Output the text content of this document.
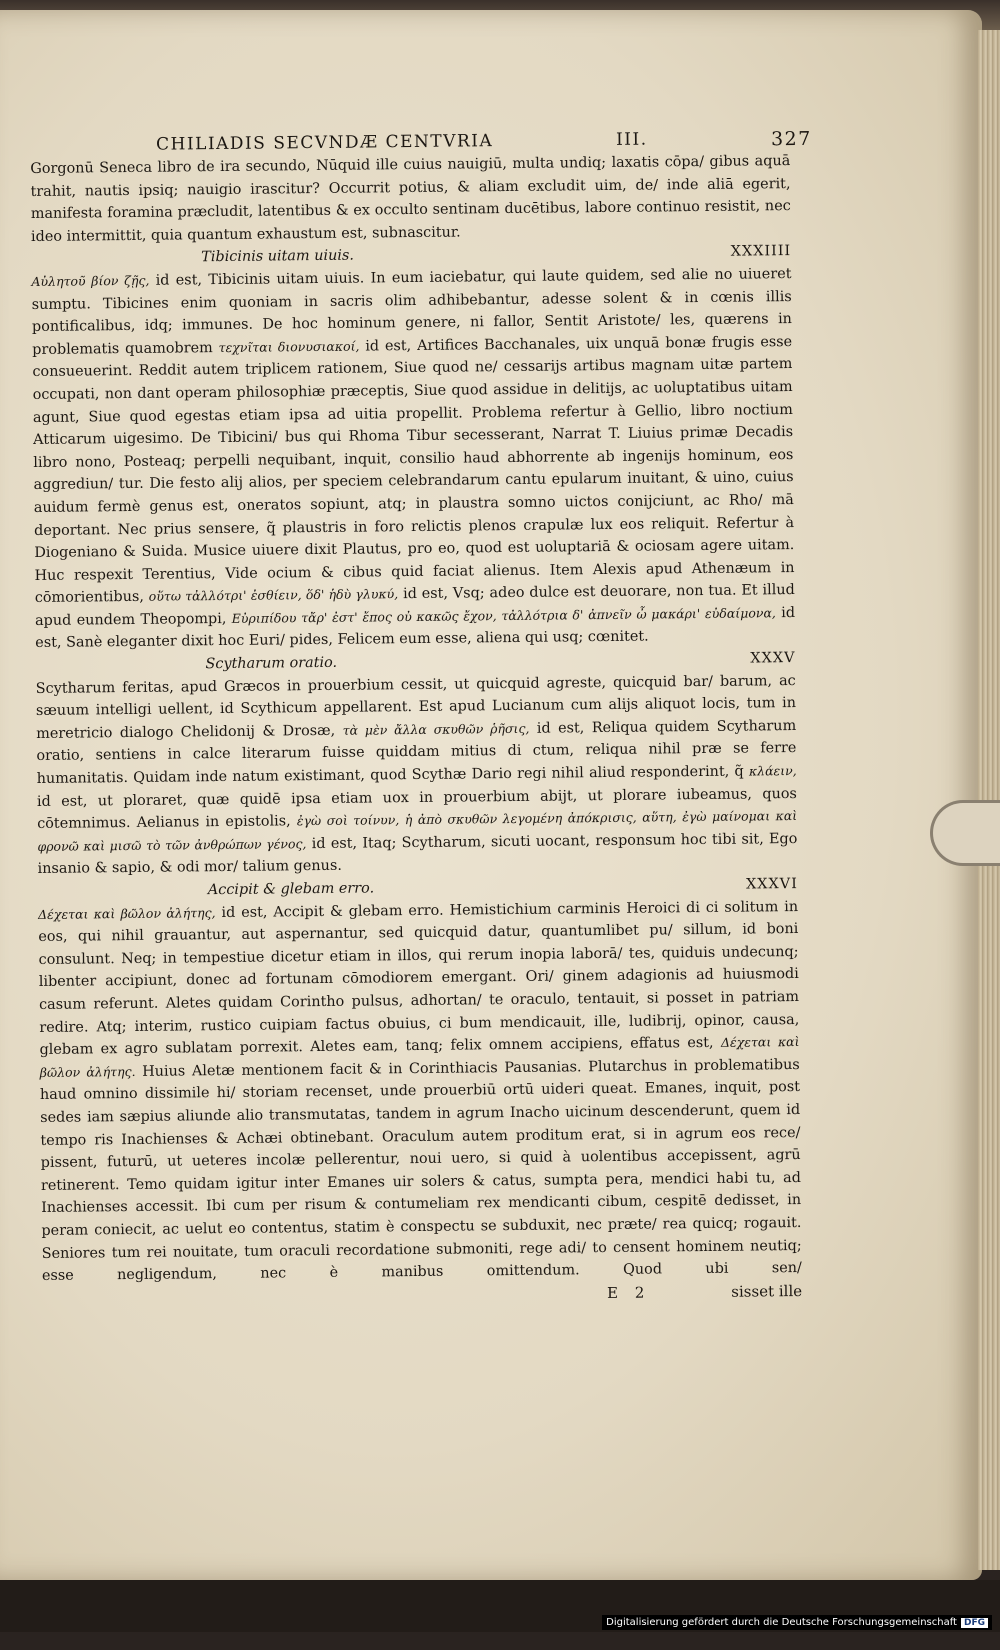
CHILIADIS SECVNDÆ CENTVRIA	III.	327

Gorgonū Seneca libro de ira secundo, Nūquid ille cuius nauigiū, multa undiq; laxatis cōpa/ gibus aquā trahit, nautis ipsiq; nauigio irascitur? Occurrit potius, & aliam excludit uim, de/ inde aliā egerit, manifesta foramina præcludit, latentibus & ex occulto sentinam ducētibus, labore continuo resistit, nec ideo intermittit, quia quantum exhaustum est, subnascitur.

Tibicinis uitam uiuis.	XXXIIII

Αὐλητοῦ βίον ζῇς, id est, Tibicinis uitam uiuis. In eum iaciebatur, qui laute quidem, sed alie no uiueret sumptu. Tibicines enim quoniam in sacris olim adhibebantur, adesse solent & in cœnis illis pontificalibus, idq; immunes. De hoc hominum genere, ni fallor, Sentit Aristote/ les, quærens in problematis quamobrem τεχνῖται διονυσιακοί, id est, Artifices Bacchanales, uix unquā bonæ frugis esse consueuerint. Reddit autem triplicem rationem, Siue quod ne/ cessarijs artibus magnam uitæ partem occupati, non dant operam philosophiæ præceptis, Siue quod assidue in delitijs, ac uoluptatibus uitam agunt, Siue quod egestas etiam ipsa ad uitia propellit. Problema refertur à Gellio, libro noctium Atticarum uigesimo. De Tibicini/ bus qui Rhoma Tibur secesserant, Narrat T. Liuius primæ Decadis libro nono, Posteaq; perpelli nequibant, inquit, consilio haud abhorrente ab ingenijs hominum, eos aggrediun/ tur. Die festo alij alios, per speciem celebrandarum cantu epularum inuitant, & uino, cuius auidum fermè genus est, oneratos sopiunt, atq; in plaustra somno uictos conijciunt, ac Rho/ mā deportant. Nec prius sensere, q̃ plaustris in foro relictis plenos crapulæ lux eos reliquit. Refertur à Diogeniano & Suida. Musice uiuere dixit Plautus, pro eo, quod est uoluptariā & ociosam agere uitam. Huc respexit Terentius, Vide ocium & cibus quid faciat alienus. Item Alexis apud Athenæum in cōmorientibus, οὕτω τἀλλότρι' ἐσθίειν, ὅδ' ἡδὺ γλυκύ, id est, Vsq; adeo dulce est deuorare, non tua. Et illud apud eundem Theopompi, Εὐριπίδου τἄρ' ἐστ' ἔπος οὐ κακῶς ἔχον, τἀλλότρια δ' ἀπνεῖν ὦ μακάρι' εὐδαίμονα, id est, Sanè eleganter dixit hoc Euri/ pides, Felicem eum esse, aliena qui usq; cœnitet.

Scytharum oratio.	XXXV

Scytharum feritas, apud Græcos in prouerbium cessit, ut quicquid agreste, quicquid bar/ barum, ac sæuum intelligi uellent, id Scythicum appellarent. Est apud Lucianum cum alijs aliquot locis, tum in meretricio dialogo Chelidonij & Drosæ, τὰ μὲν ἄλλα σκυθῶν ῥῆσις, id est, Reliqua quidem Scytharum oratio, sentiens in calce literarum fuisse quiddam mitius di ctum, reliqua nihil præ se ferre humanitatis. Quidam inde natum existimant, quod Scythæ Dario regi nihil aliud responderint, q̃ κλάειν, id est, ut ploraret, quæ quidē ipsa etiam uox in prouerbium abijt, ut plorare iubeamus, quos cōtemnimus. Aelianus in epistolis, ἐγὼ σοὶ τοίνυν, ἡ ἀπὸ σκυθῶν λεγομένη ἀπόκρισις, αὕτη, ἐγὼ μαίνομαι καὶ φρονῶ καὶ μισῶ τὸ τῶν ἀνθρώπων γένος, id est, Itaq; Scytharum, sicuti uocant, responsum hoc tibi sit, Ego insanio & sapio, & odi mor/ talium genus.

Accipit & glebam erro.	XXXVI

Δέχεται καὶ βῶλον ἀλήτης, id est, Accipit & glebam erro. Hemistichium carminis Heroici di ci solitum in eos, qui nihil grauantur, aut aspernantur, sed quicquid datur, quantumlibet pu/ sillum, id boni consulunt. Neq; in tempestiue dicetur etiam in illos, qui rerum inopia laborā/ tes, quiduis undecunq; libenter accipiunt, donec ad fortunam cōmodiorem emergant. Ori/ ginem adagionis ad huiusmodi casum referunt. Aletes quidam Corintho pulsus, adhortan/ te oraculo, tentauit, si posset in patriam redire. Atq; interim, rustico cuipiam factus obuius, ci bum mendicauit, ille, ludibrij, opinor, causa, glebam ex agro sublatam porrexit. Aletes eam, tanq; felix omnem accipiens, effatus est, Δέχεται καὶ βῶλον ἀλήτης. Huius Aletæ mentionem facit & in Corinthiacis Pausanias. Plutarchus in problematibus haud omnino dissimile hi/ storiam recenset, unde prouerbiū ortū uideri queat. Emanes, inquit, post sedes iam sæpius aliunde alio transmutatas, tandem in agrum Inacho uicinum descenderunt, quem id tempo ris Inachienses & Achæi obtinebant. Oraculum autem proditum erat, si in agrum eos rece/ pissent, futurū, ut ueteres incolæ pellerentur, noui uero, si quid à uolentibus accepissent, agrū retinerent. Temo quidam igitur inter Emanes uir solers & catus, sumpta pera, mendici habi tu, ad Inachienses accessit. Ibi cum per risum & contumeliam rex mendicanti cibum, cespitē dedisset, in peram coniecit, ac uelut eo contentus, statim è conspectu se subduxit, nec præte/ rea quicq; rogauit. Seniores tum rei nouitate, tum oraculi recordatione submoniti, rege adi/ to censent hominem neutiq; esse negligendum, nec è manibus omittendum. Quod ubi sen/

E 2	sisset ille
Digitalisierung gefördert durch die Deutsche Forschungsgemeinschaft DFG
